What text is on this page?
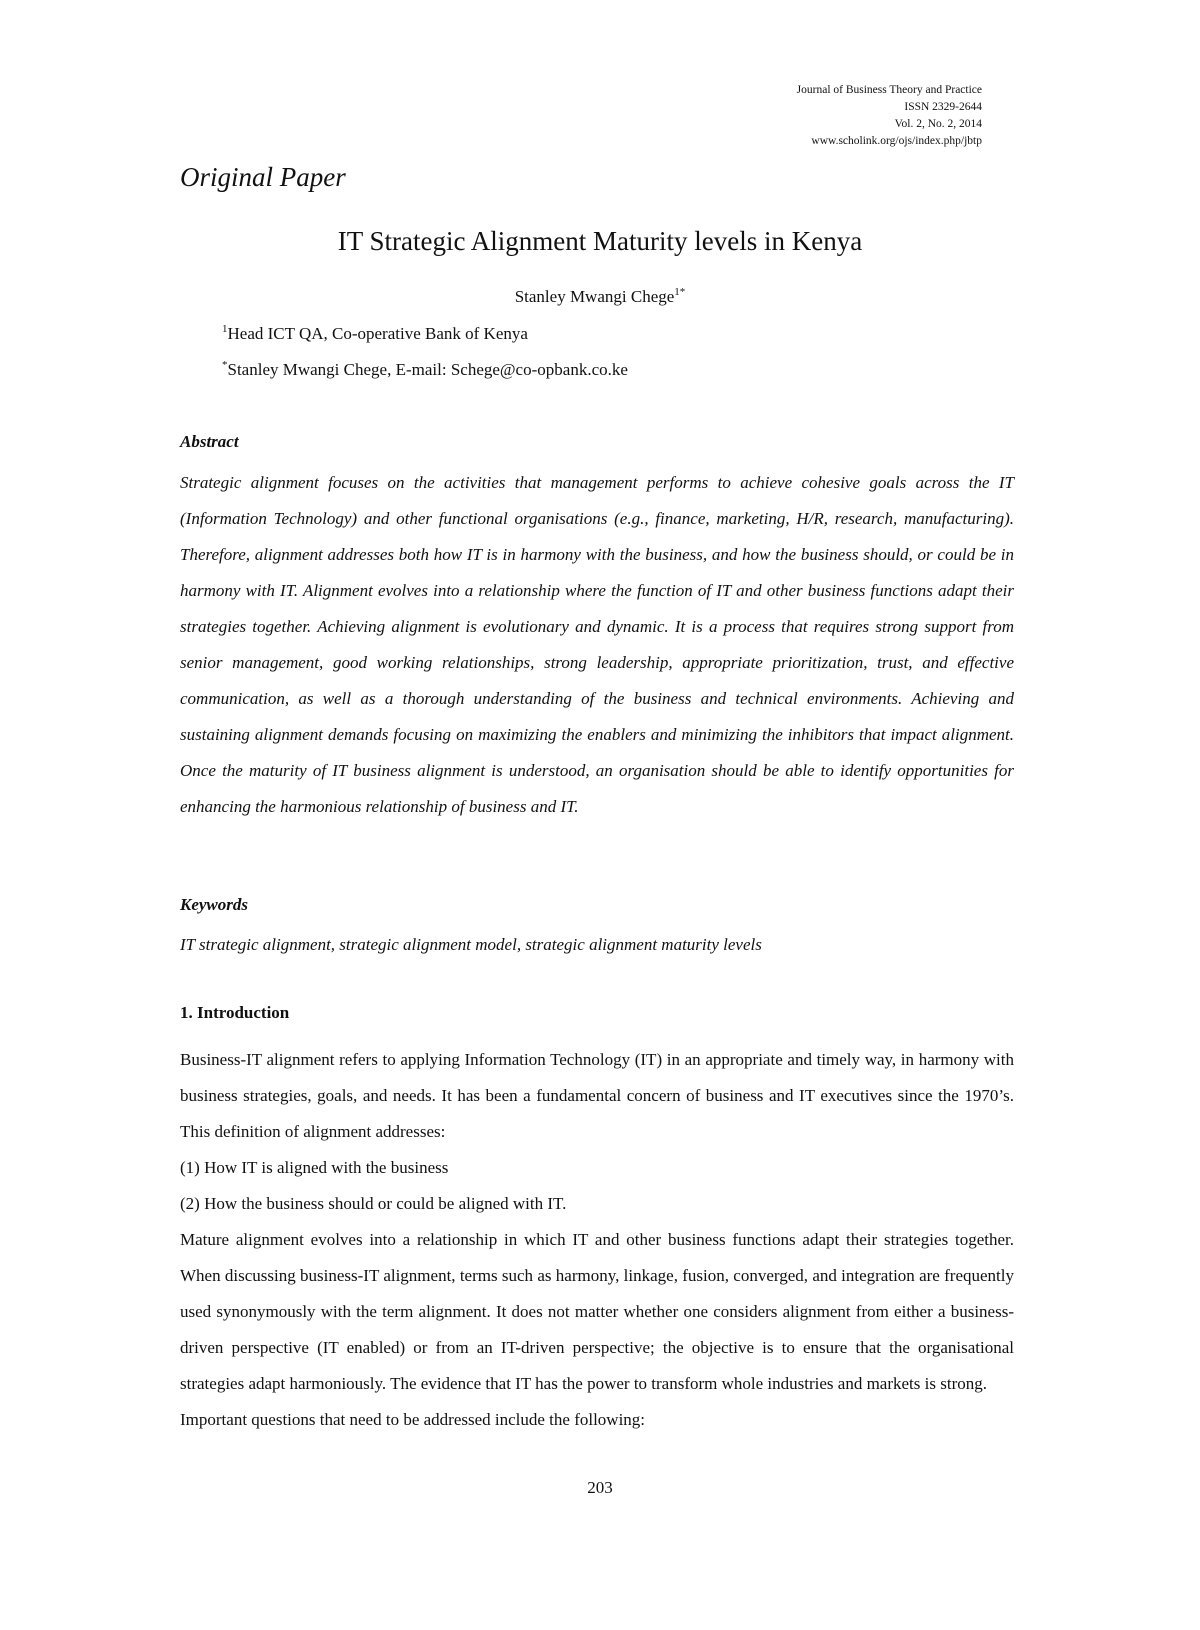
Journal of Business Theory and Practice
ISSN 2329-2644
Vol. 2, No. 2, 2014
www.scholink.org/ojs/index.php/jbtp
Original Paper
IT Strategic Alignment Maturity levels in Kenya
Stanley Mwangi Chege$^{1*}$
$^1$Head ICT QA, Co-operative Bank of Kenya
*Stanley Mwangi Chege, E-mail: Schege@co-opbank.co.ke
Abstract

Strategic alignment focuses on the activities that management performs to achieve cohesive goals across the IT (Information Technology) and other functional organisations (e.g., finance, marketing, H/R, research, manufacturing). Therefore, alignment addresses both how IT is in harmony with the business, and how the business should, or could be in harmony with IT. Alignment evolves into a relationship where the function of IT and other business functions adapt their strategies together. Achieving alignment is evolutionary and dynamic. It is a process that requires strong support from senior management, good working relationships, strong leadership, appropriate prioritization, trust, and effective communication, as well as a thorough understanding of the business and technical environments. Achieving and sustaining alignment demands focusing on maximizing the enablers and minimizing the inhibitors that impact alignment. Once the maturity of IT business alignment is understood, an organisation should be able to identify opportunities for enhancing the harmonious relationship of business and IT.

Keywords

IT strategic alignment, strategic alignment model, strategic alignment maturity levels

1. Introduction

Business-IT alignment refers to applying Information Technology (IT) in an appropriate and timely way, in harmony with business strategies, goals, and needs. It has been a fundamental concern of business and IT executives since the 1970’s. This definition of alignment addresses:

(1) How IT is aligned with the business

(2) How the business should or could be aligned with IT.

Mature alignment evolves into a relationship in which IT and other business functions adapt their strategies together. When discussing business-IT alignment, terms such as harmony, linkage, fusion, converged, and integration are frequently used synonymously with the term alignment. It does not matter whether one considers alignment from either a business-driven perspective (IT enabled) or from an IT-driven perspective; the objective is to ensure that the organisational strategies adapt harmoniously. The evidence that IT has the power to transform whole industries and markets is strong.

Important questions that need to be addressed include the following:

203
